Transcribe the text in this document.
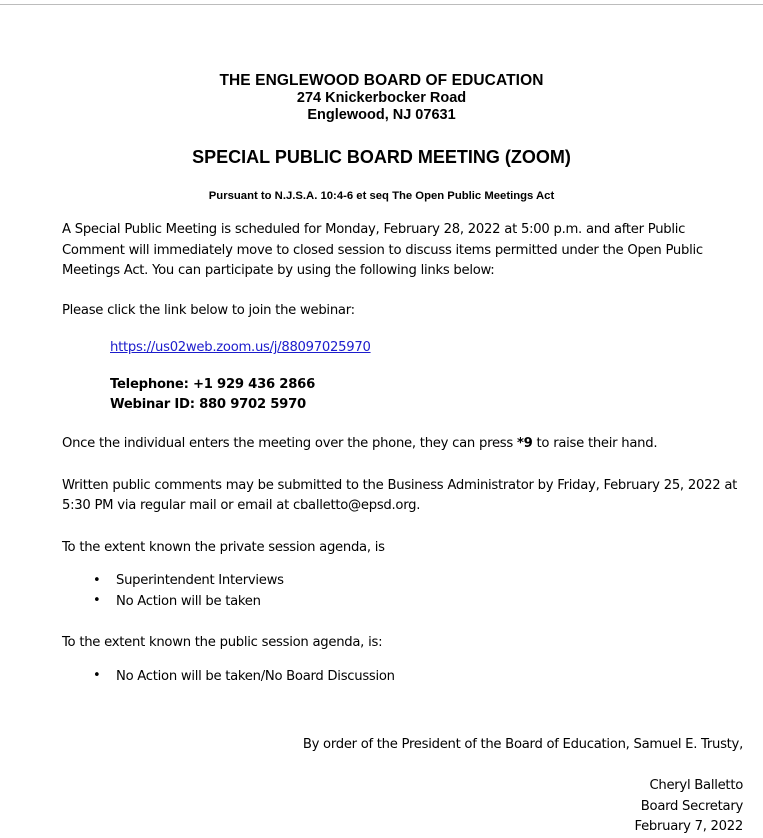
THE ENGLEWOOD BOARD OF EDUCATION
274 Knickerbocker Road
Englewood, NJ 07631
SPECIAL PUBLIC BOARD MEETING (ZOOM)
Pursuant to N.J.S.A. 10:4-6 et seq The Open Public Meetings Act

A Special Public Meeting is scheduled for Monday, February 28, 2022 at 5:00 p.m. and after Public Comment will immediately move to closed session to discuss items permitted under the Open Public Meetings Act. You can participate by using the following links below:

Please click the link below to join the webinar:

https://us02web.zoom.us/j/88097025970
Telephone: +1 929 436 2866
Webinar ID: 880 9702 5970

Once the individual enters the meeting over the phone, they can press *9 to raise their hand.

Written public comments may be submitted to the Business Administrator by Friday, February 25, 2022 at 5:30 PM via regular mail or email at cballetto@epsd.org.

To the extent known the private session agenda, is

• Superintendent Interviews
• No Action will be taken

To the extent known the public session agenda, is:

• No Action will be taken/No Board Discussion
By order of the President of the Board of Education, Samuel E. Trusty,
Cheryl Balletto
Board Secretary
February 7, 2022
